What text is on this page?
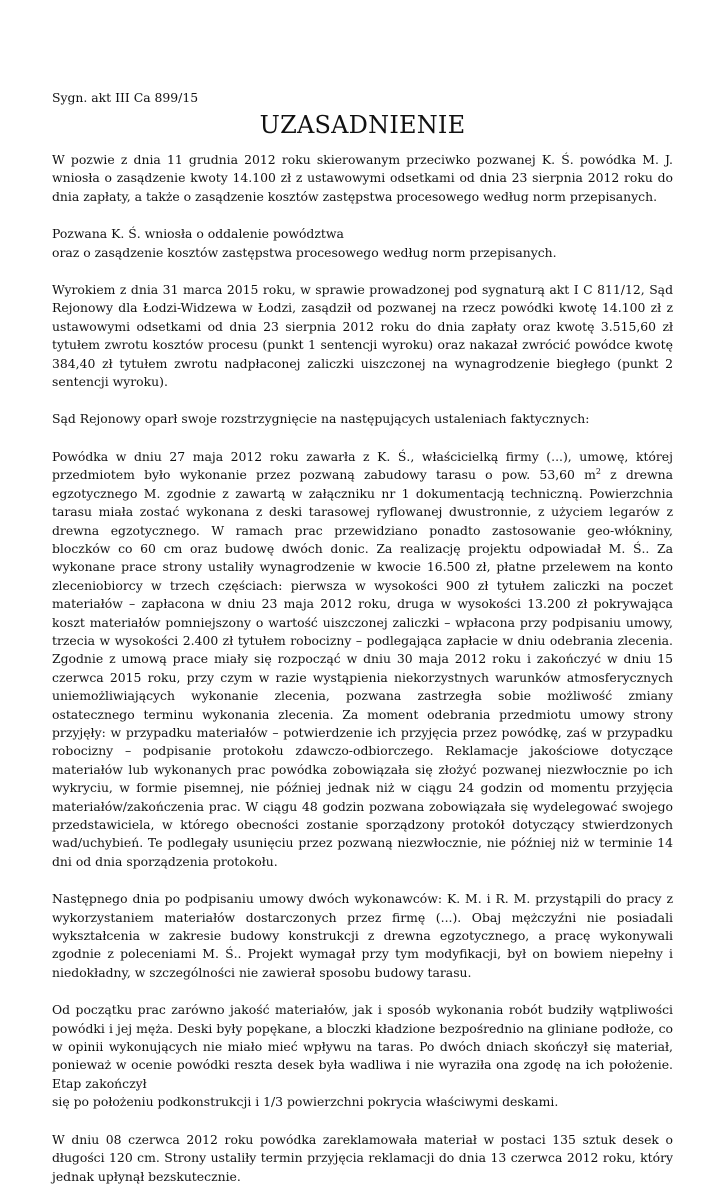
Sygn. akt III Ca 899/15
UZASADNIENIE

W pozwie z dnia 11 grudnia 2012 roku skierowanym przeciwko pozwanej K. Ś. powódka M. J. wniosła o zasądzenie kwoty 14.100 zł z ustawowymi odsetkami od dnia 23 sierpnia 2012 roku do dnia zapłaty, a także o zasądzenie kosztów zastępstwa procesowego według norm przepisanych.

Pozwana K. Ś. wniosła o oddalenie powództwa
oraz o zasądzenie kosztów zastępstwa procesowego według norm przepisanych.

Wyrokiem z dnia 31 marca 2015 roku, w sprawie prowadzonej pod sygnaturą akt I C 811/12, Sąd Rejonowy dla Łodzi-Widzewa w Łodzi, zasądził od pozwanej na rzecz powódki kwotę 14.100 zł z ustawowymi odsetkami od dnia 23 sierpnia 2012 roku do dnia zapłaty oraz kwotę 3.515,60 zł tytułem zwrotu kosztów procesu (punkt 1 sentencji wyroku) oraz nakazał zwrócić powódce kwotę 384,40 zł tytułem zwrotu nadpłaconej zaliczki uiszczonej na wynagrodzenie biegłego (punkt 2 sentencji wyroku).

Sąd Rejonowy oparł swoje rozstrzygnięcie na następujących ustaleniach faktycznych:

Powódka w dniu 27 maja 2012 roku zawarła z K. Ś., właścicielką firmy (...), umowę, której przedmiotem było wykonanie przez pozwaną zabudowy tarasu o pow. 53,60 $m^2$ z drewna egzotycznego M. zgodnie z zawartą w załączniku nr 1 dokumentacją techniczną. Powierzchnia tarasu miała zostać wykonana z deski tarasowej ryflowanej dwustronnie, z użyciem legarów z drewna egzotycznego. W ramach prac przewidziano ponadto zastosowanie geo-włókniny, bloczków co 60 cm oraz budowę dwóch donic. Za realizację projektu odpowiadał M. Ś.. Za wykonane prace strony ustaliły wynagrodzenie w kwocie 16.500 zł, płatne przelewem na konto zleceniobiorcy w trzech częściach: pierwsza w wysokości 900 zł tytułem zaliczki na poczet materiałów – zapłacona w dniu 23 maja 2012 roku, druga w wysokości 13.200 zł pokrywająca koszt materiałów pomniejszony o wartość uiszczonej zaliczki – wpłacona przy podpisaniu umowy, trzecia w wysokości 2.400 zł tytułem robocizny – podlegająca zapłacie w dniu odebrania zlecenia. Zgodnie z umową prace miały się rozpocząć w dniu 30 maja 2012 roku i zakończyć w dniu 15 czerwca 2015 roku, przy czym w razie wystąpienia niekorzystnych warunków atmosferycznych uniemożliwiających wykonanie zlecenia, pozwana zastrzegła sobie możliwość zmiany ostatecznego terminu wykonania zlecenia. Za moment odebrania przedmiotu umowy strony przyjęły: w przypadku materiałów – potwierdzenie ich przyjęcia przez powódkę, zaś w przypadku robocizny – podpisanie protokołu zdawczo-odbiorczego. Reklamacje jakościowe dotyczące materiałów lub wykonanych prac powódka zobowiązała się złożyć pozwanej niezwłocznie po ich wykryciu, w formie pisemnej, nie później jednak niż w ciągu 24 godzin od momentu przyjęcia materiałów/zakończenia prac. W ciągu 48 godzin pozwana zobowiązała się wydelegować swojego przedstawiciela, w którego obecności zostanie sporządzony protokół dotyczący stwierdzonych wad/uchybień. Te podlegały usunięciu przez pozwaną niezwłocznie, nie później niż w terminie 14 dni od dnia sporządzenia protokołu.

Następnego dnia po podpisaniu umowy dwóch wykonawców: K. M. i R. M. przystąpili do pracy z wykorzystaniem materiałów dostarczonych przez firmę (...). Obaj mężczyźni nie posiadali wykształcenia w zakresie budowy konstrukcji z drewna egzotycznego, a pracę wykonywali zgodnie z poleceniami M. Ś.. Projekt wymagał przy tym modyfikacji, był on bowiem niepełny i niedokładny, w szczególności nie zawierał sposobu budowy tarasu.

Od początku prac zarówno jakość materiałów, jak i sposób wykonania robót budziły wątpliwości powódki i jej męża. Deski były popękane, a bloczki kładzione bezpośrednio na gliniane podłoże, co w opinii wykonujących nie miało mieć wpływu na taras. Po dwóch dniach skończył się materiał, ponieważ w ocenie powódki reszta desek była wadliwa i nie wyraziła ona zgodę na ich położenie. Etap zakończył
się po położeniu podkonstrukcji i 1/3 powierzchni pokrycia właściwymi deskami.

W dniu 08 czerwca 2012 roku powódka zareklamowała materiał w postaci 135 sztuk desek o długości 120 cm. Strony ustaliły termin przyjęcia reklamacji do dnia 13 czerwca 2012 roku, który jednak upłynął bezskutecznie.
